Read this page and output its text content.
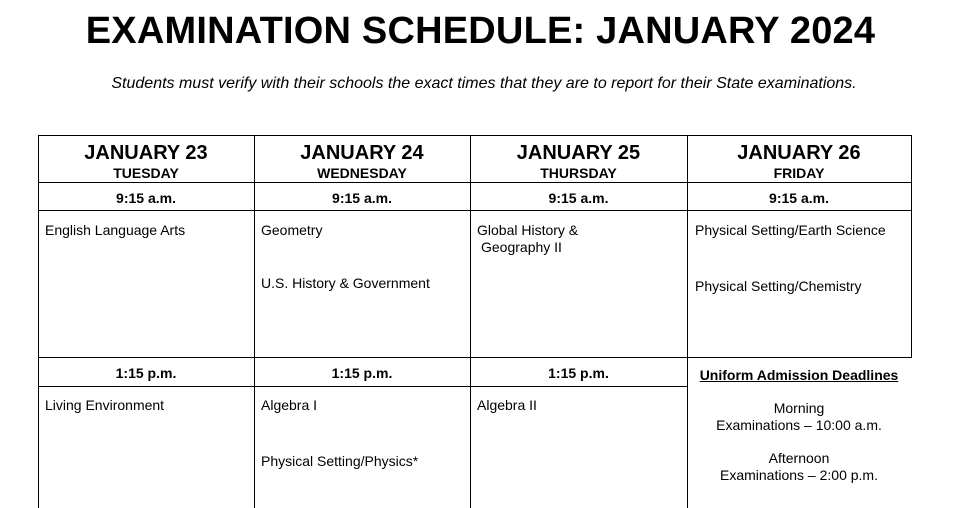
EXAMINATION SCHEDULE: JANUARY 2024
Students must verify with their schools the exact times that they are to report for their State examinations.
JANUARY 23
TUESDAY
9:15 a.m.
English Language Arts
1:15 p.m.
Living Environment
JANUARY 24
WEDNESDAY
9:15 a.m.
Geometry
U.S. History & Government
1:15 p.m.
Algebra I
Physical Setting/Physics*
JANUARY 25
THURSDAY
9:15 a.m.
Global History &
Geography II
1:15 p.m.
Algebra II
JANUARY 26
FRIDAY
9:15 a.m.
Physical Setting/Earth Science
Physical Setting/Chemistry
Uniform Admission Deadlines
Morning
Examinations – 10:00 a.m.
Afternoon
Examinations – 2:00 p.m.
